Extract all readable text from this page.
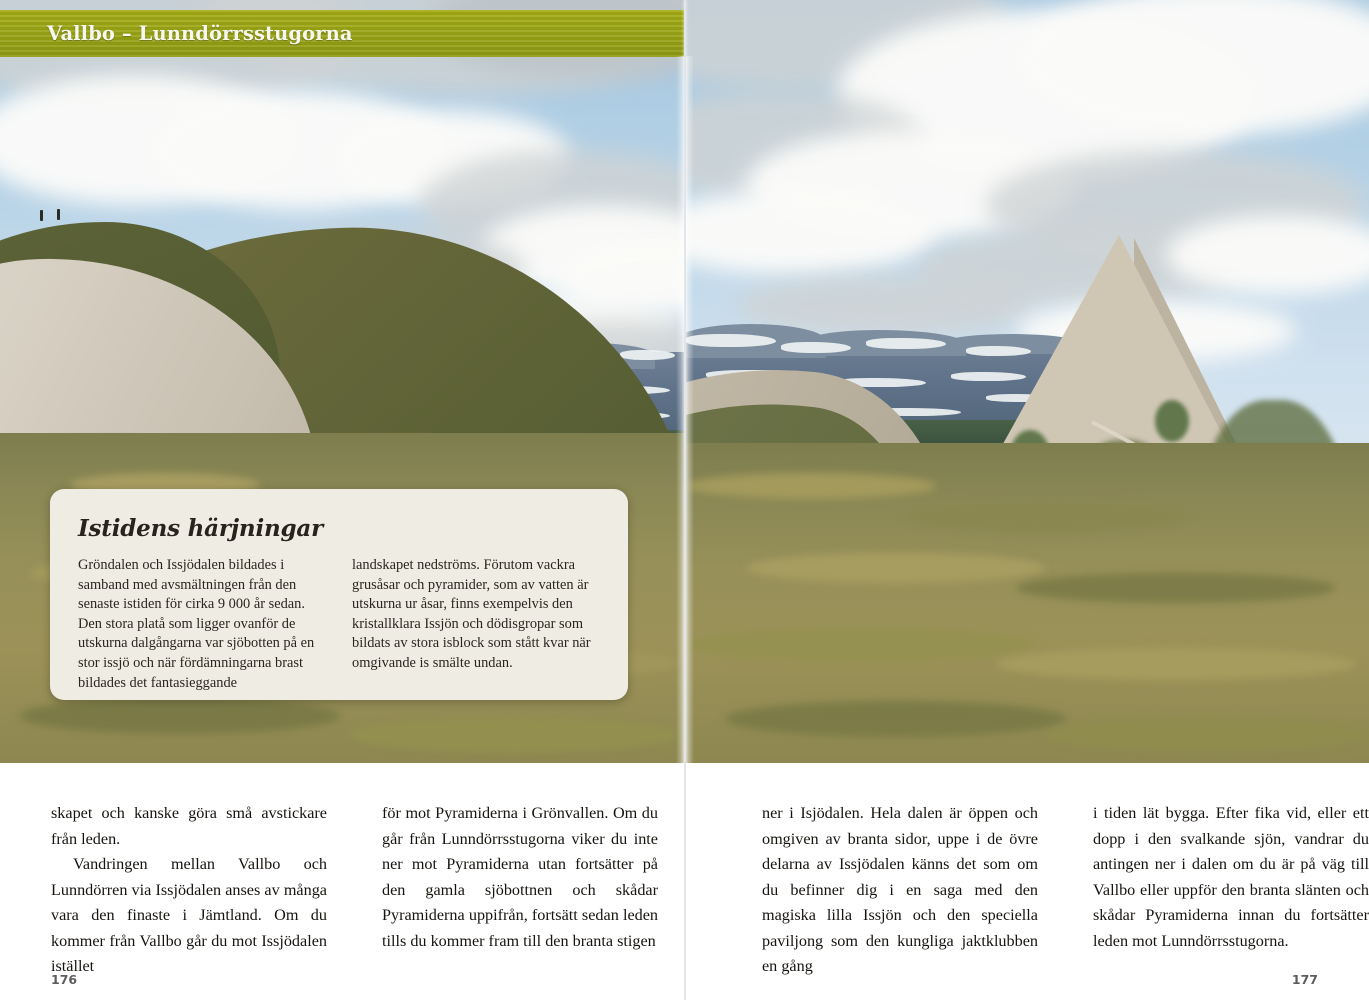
Vallbo – Lunndörrsstugorna
Istidens härjningar
Gröndalen och Issjödalen bildades i samband med avsmältningen från den senaste istiden för cirka 9 000 år sedan. Den stora platå som ligger ovanför de utskurna dalgångarna var sjöbotten på en stor issjö och när fördämningarna brast bildades det fantasieggande
landskapet nedströms. Förutom vackra grusåsar och pyramider, som av vatten är utskurna ur åsar, finns exempelvis den kristallklara Issjön och dödisgropar som bildats av stora isblock som stått kvar när omgivande is smälte undan.

skapet och kanske göra små avstickare från leden.

Vandringen mellan Vallbo och Lunndörren via Issjödalen anses av många vara den finaste i Jämtland. Om du kommer från Vallbo går du mot Issjödalen istället

för mot Pyramiderna i Grönvallen. Om du går från Lunndörrsstugorna viker du inte ner mot Pyramiderna utan fortsätter på den gamla sjöbottnen och skådar Pyramiderna uppifrån, fortsätt sedan leden tills du kommer fram till den branta stigen

ner i Isjödalen. Hela dalen är öppen och omgiven av branta sidor, uppe i de övre delarna av Issjödalen känns det som om du befinner dig i en saga med den magiska lilla Issjön och den speciella paviljong som den kungliga jaktklubben en gång

i tiden lät bygga. Efter fika vid, eller ett dopp i den svalkande sjön, vandrar du antingen ner i dalen om du är på väg till Vallbo eller uppför den branta slänten och skådar Pyramiderna innan du fortsätter leden mot Lunndörrsstugorna.

176	177
